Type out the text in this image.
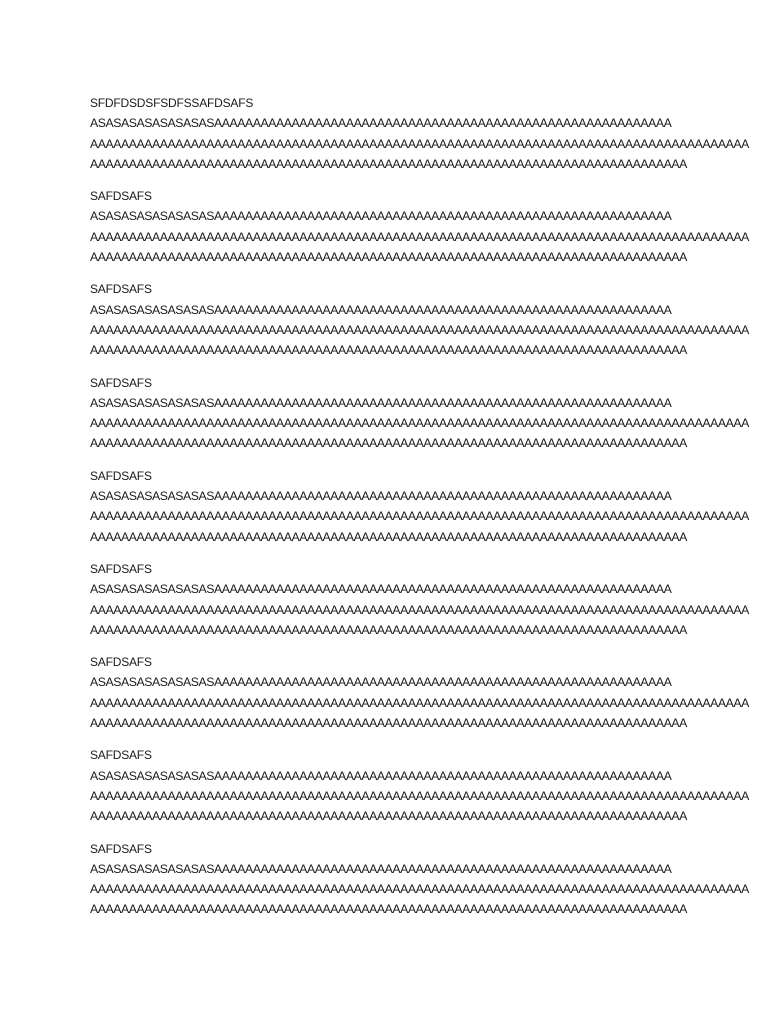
SFDFDSDSFSDFSSAFDSAFS
ASASASASASASASASAAAAAAAAAAAAAAAAAAAAAAAAAAAAAAAAAAAAAAAAAAAAAAAAAAAAAAAAAAA
AAAAAAAAAAAAAAAAAAAAAAAAAAAAAAAAAAAAAAAAAAAAAAAAAAAAAAAAAAAAAAAAAAAAAAAAAAAAAAAAAAAAA
AAAAAAAAAAAAAAAAAAAAAAAAAAAAAAAAAAAAAAAAAAAAAAAAAAAAAAAAAAAAAAAAAAAAAAAAAAAAA
SAFDSAFS
ASASASASASASASASAAAAAAAAAAAAAAAAAAAAAAAAAAAAAAAAAAAAAAAAAAAAAAAAAAAAAAAAAAA
AAAAAAAAAAAAAAAAAAAAAAAAAAAAAAAAAAAAAAAAAAAAAAAAAAAAAAAAAAAAAAAAAAAAAAAAAAAAAAAAAAAAA
AAAAAAAAAAAAAAAAAAAAAAAAAAAAAAAAAAAAAAAAAAAAAAAAAAAAAAAAAAAAAAAAAAAAAAAAAAAAA
SAFDSAFS
ASASASASASASASASAAAAAAAAAAAAAAAAAAAAAAAAAAAAAAAAAAAAAAAAAAAAAAAAAAAAAAAAAAA
AAAAAAAAAAAAAAAAAAAAAAAAAAAAAAAAAAAAAAAAAAAAAAAAAAAAAAAAAAAAAAAAAAAAAAAAAAAAAAAAAAAAA
AAAAAAAAAAAAAAAAAAAAAAAAAAAAAAAAAAAAAAAAAAAAAAAAAAAAAAAAAAAAAAAAAAAAAAAAAAAAA
SAFDSAFS
ASASASASASASASASAAAAAAAAAAAAAAAAAAAAAAAAAAAAAAAAAAAAAAAAAAAAAAAAAAAAAAAAAAA
AAAAAAAAAAAAAAAAAAAAAAAAAAAAAAAAAAAAAAAAAAAAAAAAAAAAAAAAAAAAAAAAAAAAAAAAAAAAAAAAAAAAA
AAAAAAAAAAAAAAAAAAAAAAAAAAAAAAAAAAAAAAAAAAAAAAAAAAAAAAAAAAAAAAAAAAAAAAAAAAAAA
SAFDSAFS
ASASASASASASASASAAAAAAAAAAAAAAAAAAAAAAAAAAAAAAAAAAAAAAAAAAAAAAAAAAAAAAAAAAA
AAAAAAAAAAAAAAAAAAAAAAAAAAAAAAAAAAAAAAAAAAAAAAAAAAAAAAAAAAAAAAAAAAAAAAAAAAAAAAAAAAAAA
AAAAAAAAAAAAAAAAAAAAAAAAAAAAAAAAAAAAAAAAAAAAAAAAAAAAAAAAAAAAAAAAAAAAAAAAAAAAA
SAFDSAFS
ASASASASASASASASAAAAAAAAAAAAAAAAAAAAAAAAAAAAAAAAAAAAAAAAAAAAAAAAAAAAAAAAAAA
AAAAAAAAAAAAAAAAAAAAAAAAAAAAAAAAAAAAAAAAAAAAAAAAAAAAAAAAAAAAAAAAAAAAAAAAAAAAAAAAAAAAA
AAAAAAAAAAAAAAAAAAAAAAAAAAAAAAAAAAAAAAAAAAAAAAAAAAAAAAAAAAAAAAAAAAAAAAAAAAAAA
SAFDSAFS
ASASASASASASASASAAAAAAAAAAAAAAAAAAAAAAAAAAAAAAAAAAAAAAAAAAAAAAAAAAAAAAAAAAA
AAAAAAAAAAAAAAAAAAAAAAAAAAAAAAAAAAAAAAAAAAAAAAAAAAAAAAAAAAAAAAAAAAAAAAAAAAAAAAAAAAAAA
AAAAAAAAAAAAAAAAAAAAAAAAAAAAAAAAAAAAAAAAAAAAAAAAAAAAAAAAAAAAAAAAAAAAAAAAAAAAA
SAFDSAFS
ASASASASASASASASAAAAAAAAAAAAAAAAAAAAAAAAAAAAAAAAAAAAAAAAAAAAAAAAAAAAAAAAAAA
AAAAAAAAAAAAAAAAAAAAAAAAAAAAAAAAAAAAAAAAAAAAAAAAAAAAAAAAAAAAAAAAAAAAAAAAAAAAAAAAAAAAA
AAAAAAAAAAAAAAAAAAAAAAAAAAAAAAAAAAAAAAAAAAAAAAAAAAAAAAAAAAAAAAAAAAAAAAAAAAAAA
SAFDSAFS
ASASASASASASASASAAAAAAAAAAAAAAAAAAAAAAAAAAAAAAAAAAAAAAAAAAAAAAAAAAAAAAAAAAA
AAAAAAAAAAAAAAAAAAAAAAAAAAAAAAAAAAAAAAAAAAAAAAAAAAAAAAAAAAAAAAAAAAAAAAAAAAAAAAAAAAAAA
AAAAAAAAAAAAAAAAAAAAAAAAAAAAAAAAAAAAAAAAAAAAAAAAAAAAAAAAAAAAAAAAAAAAAAAAAAAAA
